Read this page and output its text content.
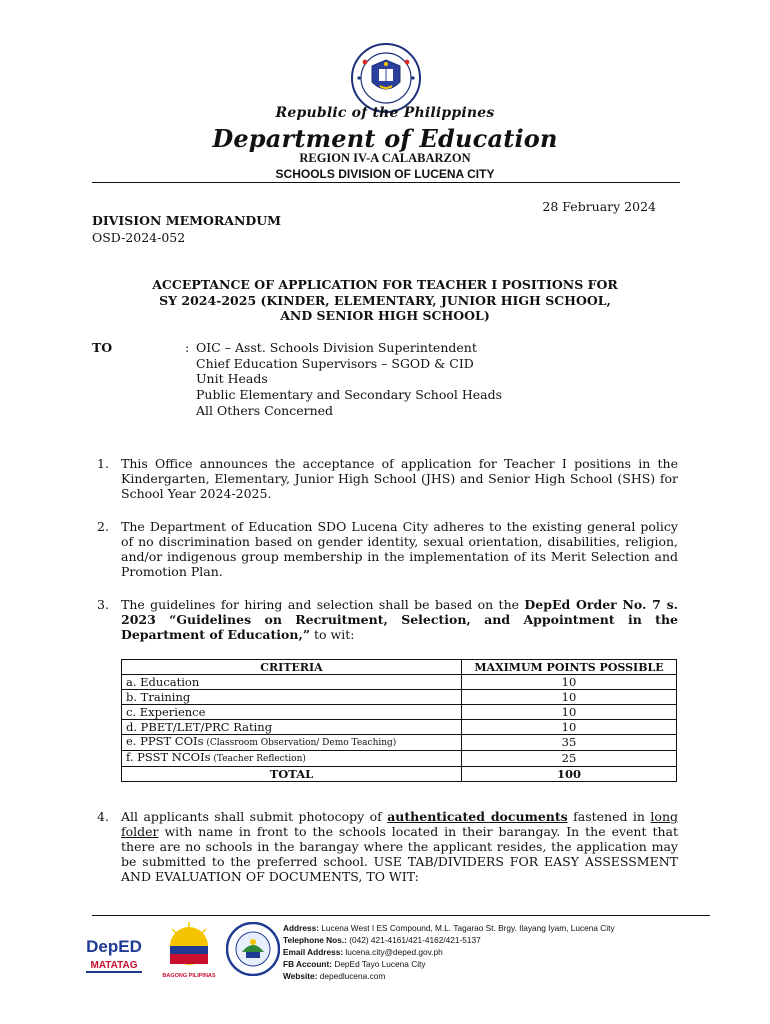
Republic of the Philippines
Department of Education
REGION IV-A CALABARZON
SCHOOLS DIVISION OF LUCENA CITY
28 February 2024
DIVISION MEMORANDUM
OSD-2024-052
ACCEPTANCE OF APPLICATION FOR TEACHER I POSITIONS FOR
SY 2024-2025 (KINDER, ELEMENTARY, JUNIOR HIGH SCHOOL,
AND SENIOR HIGH SCHOOL)
TO	: OIC – Asst. Schools Division Superintendent
Chief Education Supervisors – SGOD & CID
Unit Heads
Public Elementary and Secondary School Heads
All Others Concerned
1. This Office announces the acceptance of application for Teacher I positions in the Kindergarten, Elementary, Junior High School (JHS) and Senior High School (SHS) for School Year 2024-2025.
2. The Department of Education SDO Lucena City adheres to the existing general policy of no discrimination based on gender identity, sexual orientation, disabilities, religion, and/or indigenous group membership in the implementation of its Merit Selection and Promotion Plan.
3. The guidelines for hiring and selection shall be based on the DepEd Order No. 7 s. 2023 “Guidelines on Recruitment, Selection, and Appointment in the Department of Education,” to wit:
CRITERIA	MAXIMUM POINTS POSSIBLE
a. Education	10
b. Training	10
c. Experience	10
d. PBET/LET/PRC Rating	10
e. PPST COIs (Classroom Observation/ Demo Teaching)	35
f. PSST NCOIs (Teacher Reflection)	25
TOTAL	100
4. All applicants shall submit photocopy of authenticated documents fastened in long folder with name in front to the schools located in their barangay. In the event that there are no schools in the barangay where the applicant resides, the application may be submitted to the preferred school. USE TAB/DIVIDERS FOR EASY ASSESSMENT AND EVALUATION OF DOCUMENTS, TO WIT:
DepED
MATATAG
BAGONG PILIPINAS
Address: Lucena West I ES Compound, M.L. Tagarao St. Brgy. Ilayang Iyam, Lucena City
Telephone Nos.: (042) 421-4161/421-4162/421-5137
Email Address: lucena.city@deped.gov.ph
FB Account: DepEd Tayo Lucena City
Website: depedlucena.com
